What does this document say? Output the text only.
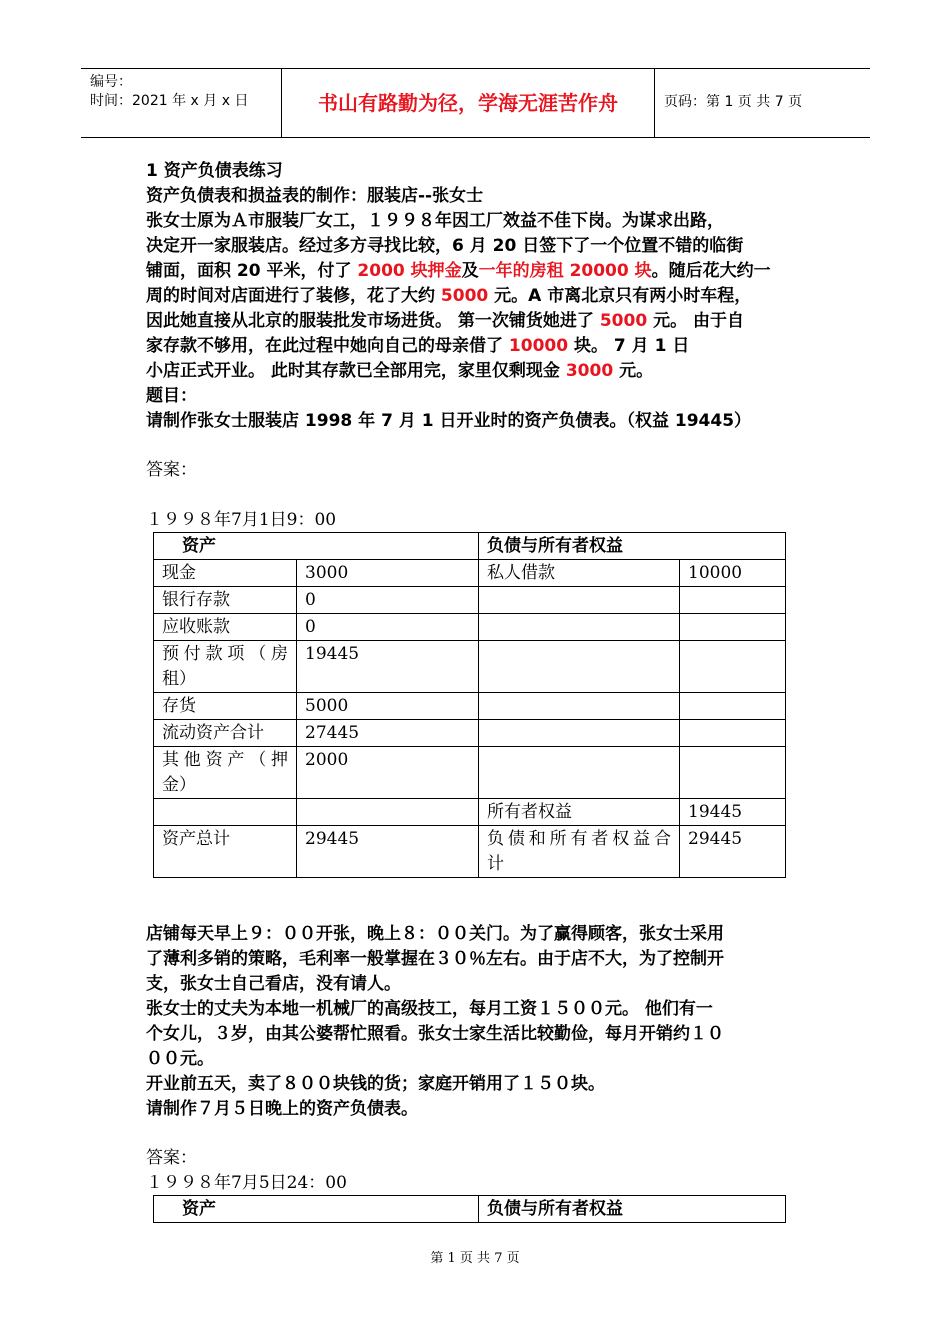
编号：
时间：2021 年 x 月 x 日	书山有路勤为径，学海无涯苦作舟	页码：第 1 页 共 7 页
1 资产负债表练习
资产负债表和损益表的制作：服装店--张女士
张女士原为Ａ市服装厂女工，１９９８年因工厂效益不佳下岗。为谋求出路，
决定开一家服装店。经过多方寻找比较，6 月 20 日签下了一个位置不错的临街
铺面，面积 20 平米，付了 2000 块押金及一年的房租 20000 块。随后花大约一
周的时间对店面进行了装修，花了大约 5000 元。A 市离北京只有两小时车程，
因此她直接从北京的服装批发市场进货。 第一次铺货她进了 5000 元。 由于自
家存款不够用，在此过程中她向自己的母亲借了 10000 块。 7 月 1 日
小店正式开业。 此时其存款已全部用完，家里仅剩现金 3000 元。
题目：
请制作张女士服装店 1998 年 7 月 1 日开业时的资产负债表。（权益 19445）
答案：
１９９８年7月1日9：00
资产		负债与所有者权益	
现金	3000	私人借款	10000
银行存款	0		
应收账款	0		

预付款项（房
租）	19445		
存货	5000		
流动资产合计	27445		

其他资产（押
金）	2000		
		所有者权益	19445
资产总计	29445	负债和所有者权益合
计	29445
店铺每天早上９：００开张，晚上８：００关门。为了赢得顾客，张女士采用
了薄利多销的策略，毛利率一般掌握在３０％左右。由于店不大，为了控制开
支，张女士自己看店，没有请人。
张女士的丈夫为本地一机械厂的高级技工，每月工资１５００元。 他们有一
个女儿，３岁，由其公婆帮忙照看。张女士家生活比较勤俭，每月开销约１０
００元。
开业前五天，卖了８００块钱的货；家庭开销用了１５０块。
请制作７月５日晚上的资产负债表。
答案：
１９９８年7月5日24：00
资产	负债与所有者权益
第 1 页 共 7 页
